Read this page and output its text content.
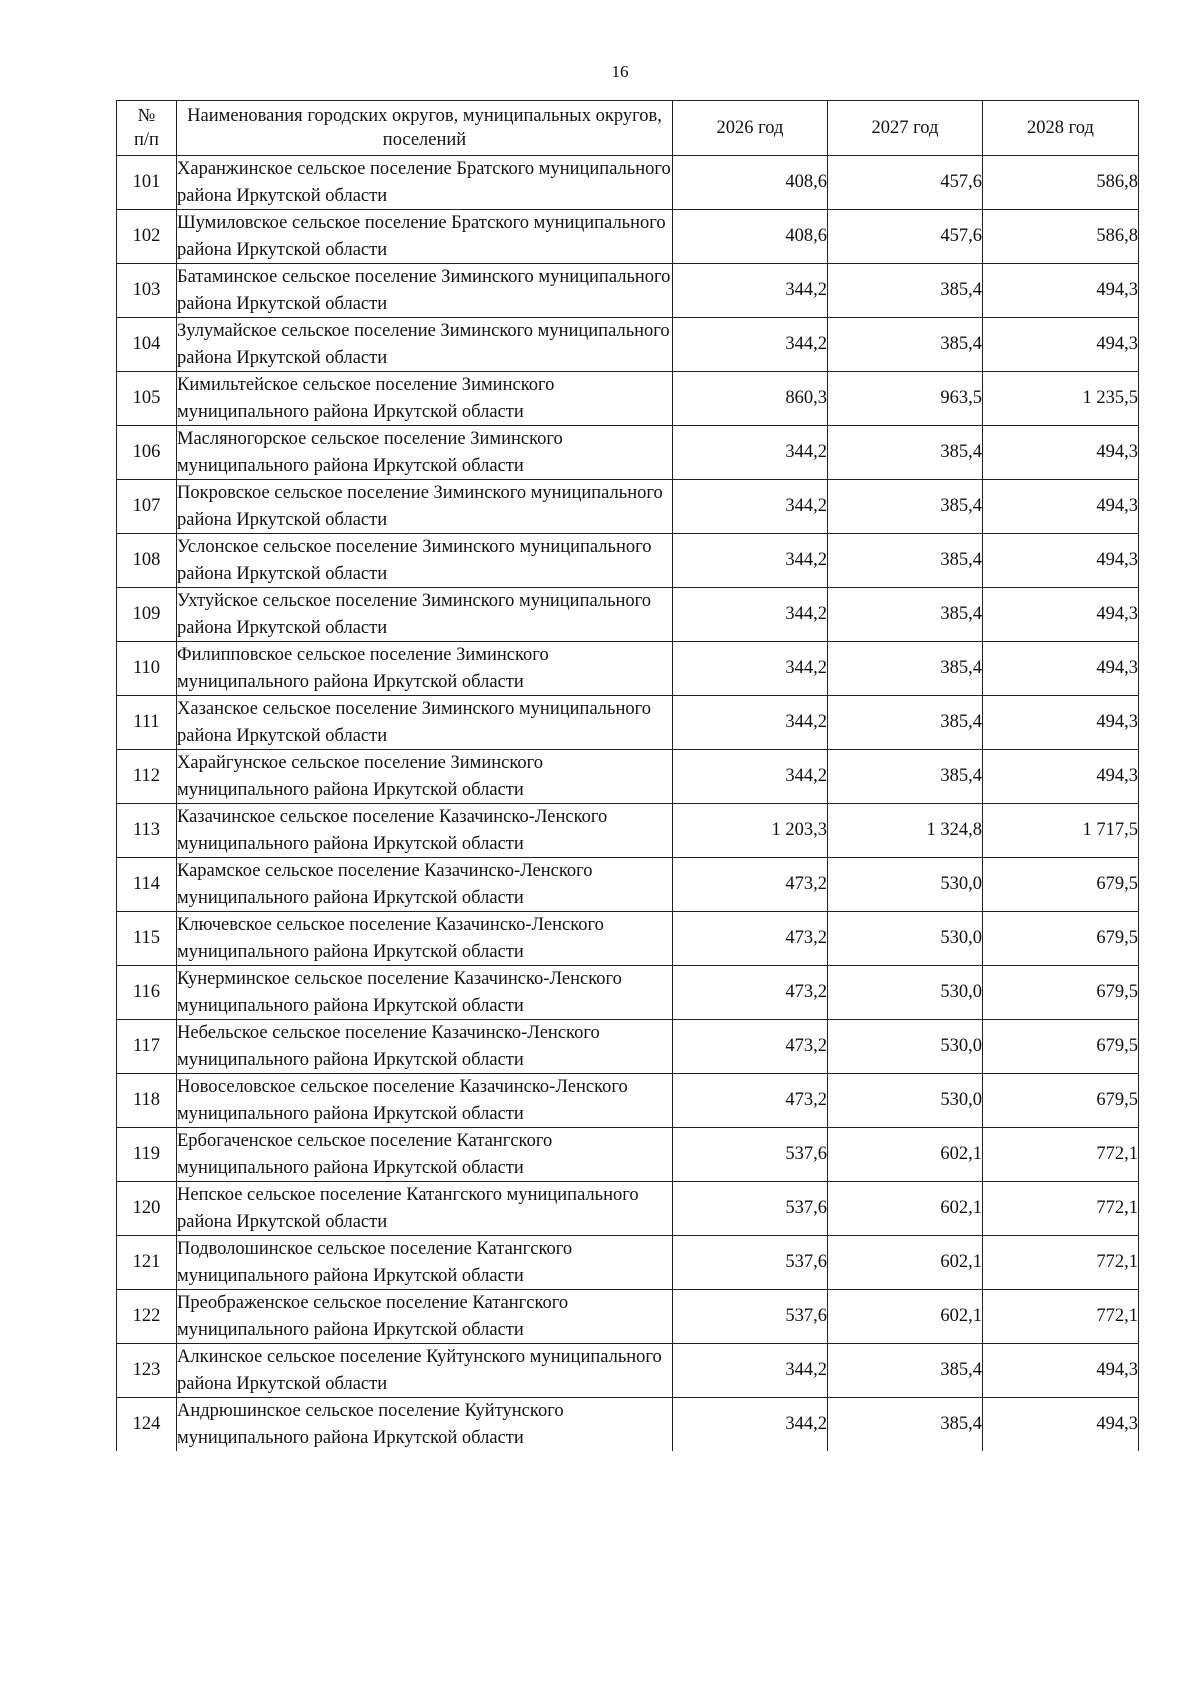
16
№
п/п	Наименования городских округов, муниципальных округов, поселений	2026 год	2027 год	2028 год
101	Харанжинское сельское поселение Братского муниципального района Иркутской области	408,6	457,6	586,8
102	Шумиловское сельское поселение Братского муниципального района Иркутской области	408,6	457,6	586,8
103	Батаминское сельское поселение Зиминского муниципального района Иркутской области	344,2	385,4	494,3
104	Зулумайское сельское поселение Зиминского муниципального района Иркутской области	344,2	385,4	494,3
105	Кимильтейское сельское поселение Зиминского муниципального района Иркутской области	860,3	963,5	1 235,5
106	Масляногорское сельское поселение Зиминского муниципального района Иркутской области	344,2	385,4	494,3
107	Покровское сельское поселение Зиминского муниципального района Иркутской области	344,2	385,4	494,3
108	Услонское сельское поселение Зиминского муниципального района Иркутской области	344,2	385,4	494,3
109	Ухтуйское сельское поселение Зиминского муниципального района Иркутской области	344,2	385,4	494,3
110	Филипповское сельское поселение Зиминского муниципального района Иркутской области	344,2	385,4	494,3
111	Хазанское сельское поселение Зиминского муниципального района Иркутской области	344,2	385,4	494,3
112	Харайгунское сельское поселение Зиминского муниципального района Иркутской области	344,2	385,4	494,3
113	Казачинское сельское поселение Казачинско-Ленского муниципального района Иркутской области	1 203,3	1 324,8	1 717,5
114	Карамское сельское поселение Казачинско-Ленского муниципального района Иркутской области	473,2	530,0	679,5
115	Ключевское сельское поселение Казачинско-Ленского муниципального района Иркутской области	473,2	530,0	679,5
116	Кунерминское сельское поселение Казачинско-Ленского муниципального района Иркутской области	473,2	530,0	679,5
117	Небельское сельское поселение Казачинско-Ленского муниципального района Иркутской области	473,2	530,0	679,5
118	Новоселовское сельское поселение Казачинско-Ленского муниципального района Иркутской области	473,2	530,0	679,5
119	Ербогаченское сельское поселение Катангского муниципального района Иркутской области	537,6	602,1	772,1
120	Непское сельское поселение Катангского муниципального района Иркутской области	537,6	602,1	772,1
121	Подволошинское сельское поселение Катангского муниципального района Иркутской области	537,6	602,1	772,1
122	Преображенское сельское поселение Катангского муниципального района Иркутской области	537,6	602,1	772,1
123	Алкинское сельское поселение Куйтунского муниципального района Иркутской области	344,2	385,4	494,3
124	Андрюшинское сельское поселение Куйтунского муниципального района Иркутской области	344,2	385,4	494,3
